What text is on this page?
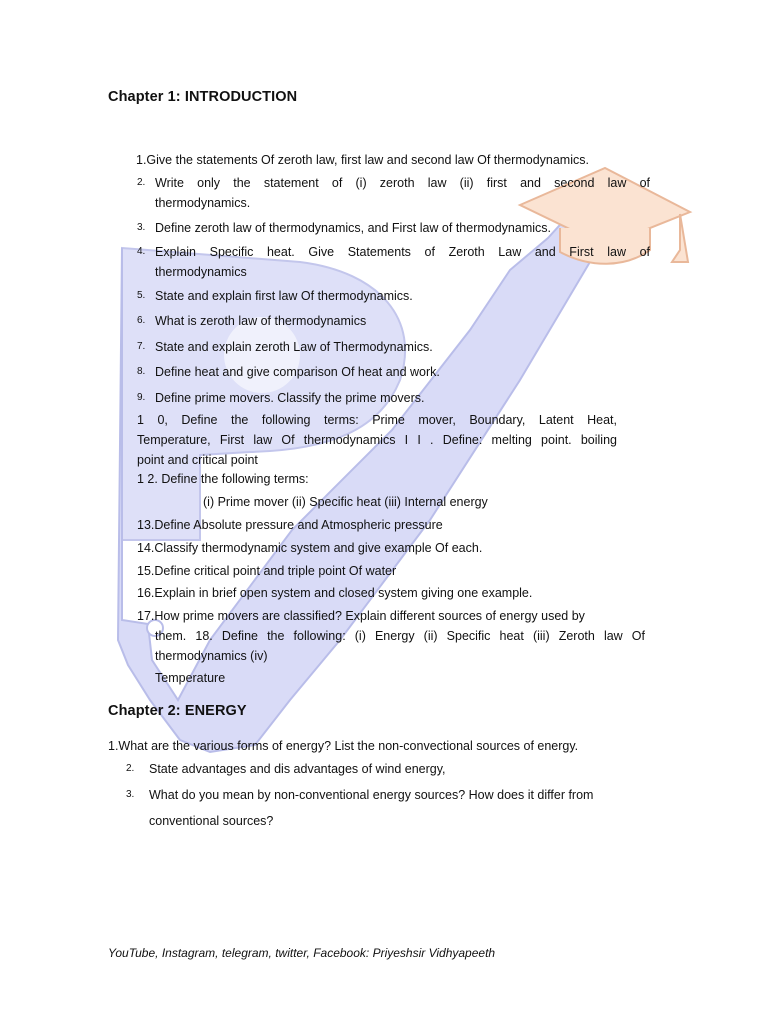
Chapter 1: INTRODUCTION
1.Give the statements Of zeroth law, first law and second law Of thermodynamics.
2. Write only the statement of (i) zeroth law (ii) first and second law of
thermodynamics.
3. Define zeroth law of thermodynamics, and First law of thermodynamics.
4. Explain Specific heat. Give Statements of Zeroth Law and First law of
thermodynamics
5. State and explain first law Of thermodynamics.
6. What is zeroth law of thermodynamics
7. State and explain zeroth Law of Thermodynamics.
8. Define heat and give comparison Of heat and work.
9. Define prime movers. Classify the prime movers.
1 0, Define the following terms: Prime mover, Boundary, Latent Heat,
Temperature, First law Of thermodynamics I I . Define: melting point. boiling
point and critical point
1 2. Define the following terms:
(i) Prime mover (ii) Specific heat (iii) Internal energy
13.Define Absolute pressure and Atmospheric pressure
14.Classify thermodynamic system and give example Of each.
15.Define critical point and triple point Of water
16.Explain in brief open system and closed system giving one example.
17.How prime movers are classified? Explain different sources of energy used by
them. 18. Define the following: (i) Energy (ii) Specific heat (iii) Zeroth law Of
thermodynamics (iv)
Temperature
Chapter 2: ENERGY
1.What are the various forms of energy? List the non-convectional sources of energy.
2. State advantages and dis advantages of wind energy,
3. What do you mean by non-conventional energy sources? How does it differ from
conventional sources?
YouTube, Instagram, telegram, twitter, Facebook: Priyeshsir Vidhyapeeth
